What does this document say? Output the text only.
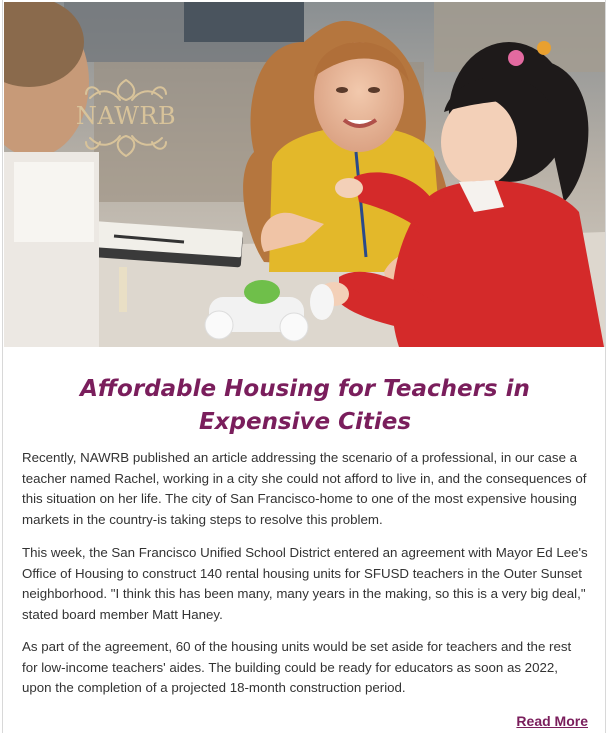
NAWRB
Affordable Housing for Teachers in Expensive Cities

Recently, NAWRB published an article addressing the scenario of a professional, in our case a teacher named Rachel, working in a city she could not afford to live in, and the consequences of this situation on her life. The city of San Francisco-home to one of the most expensive housing markets in the country-is taking steps to resolve this problem.

This week, the San Francisco Unified School District entered an agreement with Mayor Ed Lee's Office of Housing to construct 140 rental housing units for SFUSD teachers in the Outer Sunset neighborhood. "I think this has been many, many years in the making, so this is a very big deal," stated board member Matt Haney.

As part of the agreement, 60 of the housing units would be set aside for teachers and the rest for low-income teachers' aides. The building could be ready for educators as soon as 2022, upon the completion of a projected 18-month construction period.

Read More
